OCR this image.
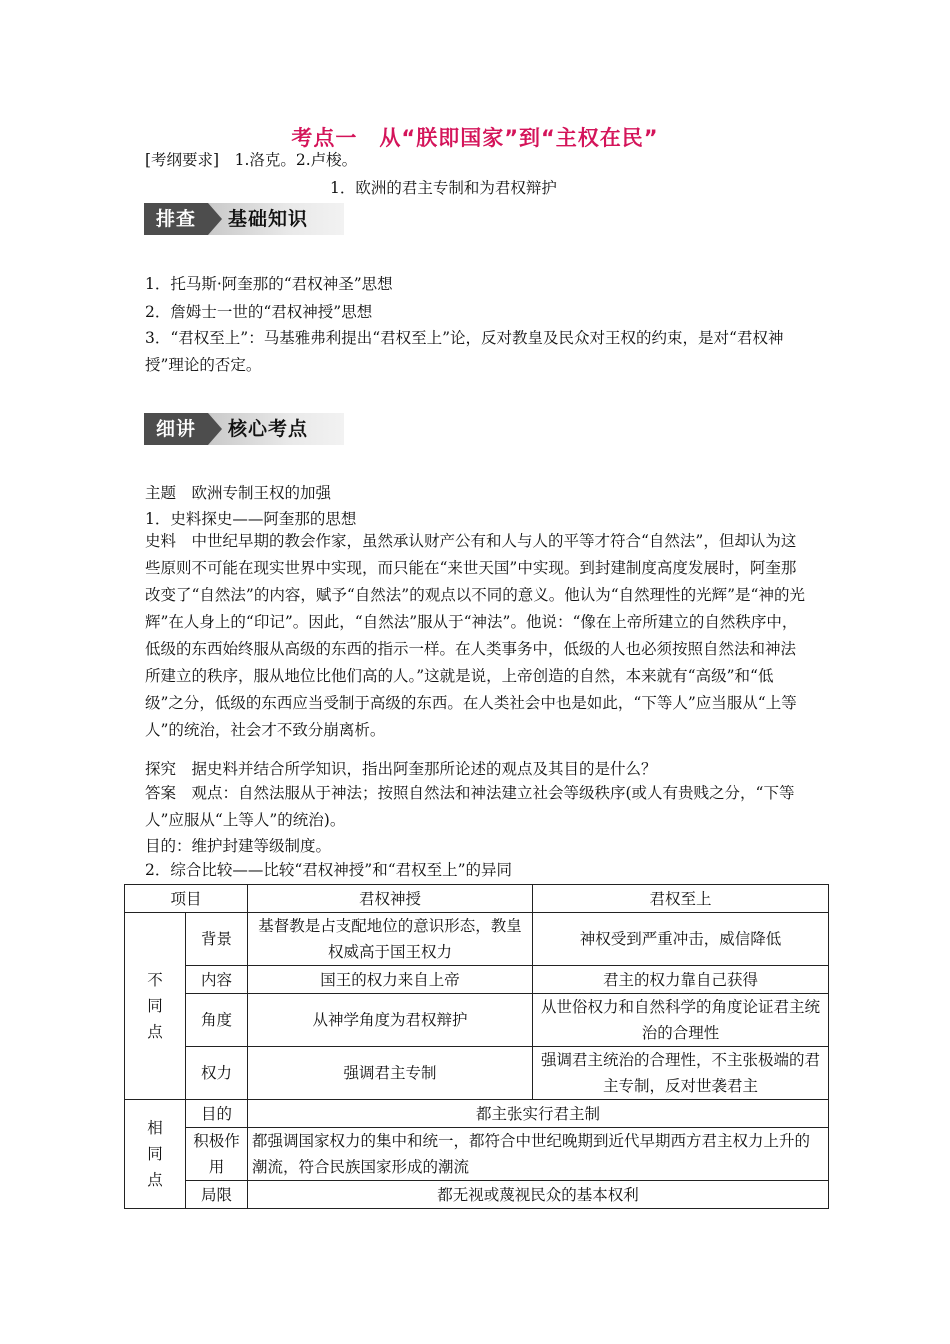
考点一　从“朕即国家”到“主权在民”
[考纲要求]　1.洛克。2.卢梭。
1．欧洲的君主专制和为君权辩护
排查	基础知识
1．托马斯·阿奎那的“君权神圣”思想
2．詹姆士一世的“君权神授”思想
3．“君权至上”：马基雅弗利提出“君权至上”论，反对教皇及民众对王权的约束，是对“君权神授”理论的否定。
细讲	核心考点
主题　欧洲专制王权的加强
1．史料探史——阿奎那的思想
史料　中世纪早期的教会作家，虽然承认财产公有和人与人的平等才符合“自然法”，但却认为这些原则不可能在现实世界中实现，而只能在“来世天国”中实现。到封建制度高度发展时，阿奎那改变了“自然法”的内容，赋予“自然法”的观点以不同的意义。他认为“自然理性的光辉”是“神的光辉”在人身上的“印记”。因此，“自然法”服从于“神法”。他说：“像在上帝所建立的自然秩序中，低级的东西始终服从高级的东西的指示一样。在人类事务中，低级的人也必须按照自然法和神法所建立的秩序，服从地位比他们高的人。”这就是说，上帝创造的自然，本来就有“高级”和“低级”之分，低级的东西应当受制于高级的东西。在人类社会中也是如此，“下等人”应当服从“上等人”的统治，社会才不致分崩离析。
探究　据史料并结合所学知识，指出阿奎那所论述的观点及其目的是什么？
答案　观点：自然法服从于神法；按照自然法和神法建立社会等级秩序(或人有贵贱之分，“下等人”应服从“上等人”的统治)。
目的：维护封建等级制度。
2．综合比较——比较“君权神授”和“君权至上”的异同
项目		君权神授	君权至上
不
同
点	背景	基督教是占支配地位的意识形态，教皇权威高于国王权力	神权受到严重冲击，威信降低
	内容	国王的权力来自上帝	君主的权力靠自己获得
	角度	从神学角度为君权辩护	从世俗权力和自然科学的角度论证君主统治的合理性
	权力	强调君主专制	强调君主统治的合理性，不主张极端的君主专制，反对世袭君主
相
同
点	目的	都主张实行君主制	
	积极作用	都强调国家权力的集中和统一，都符合中世纪晚期到近代早期西方君主权力上升的潮流，符合民族国家形成的潮流	
	局限	都无视或蔑视民众的基本权利	
